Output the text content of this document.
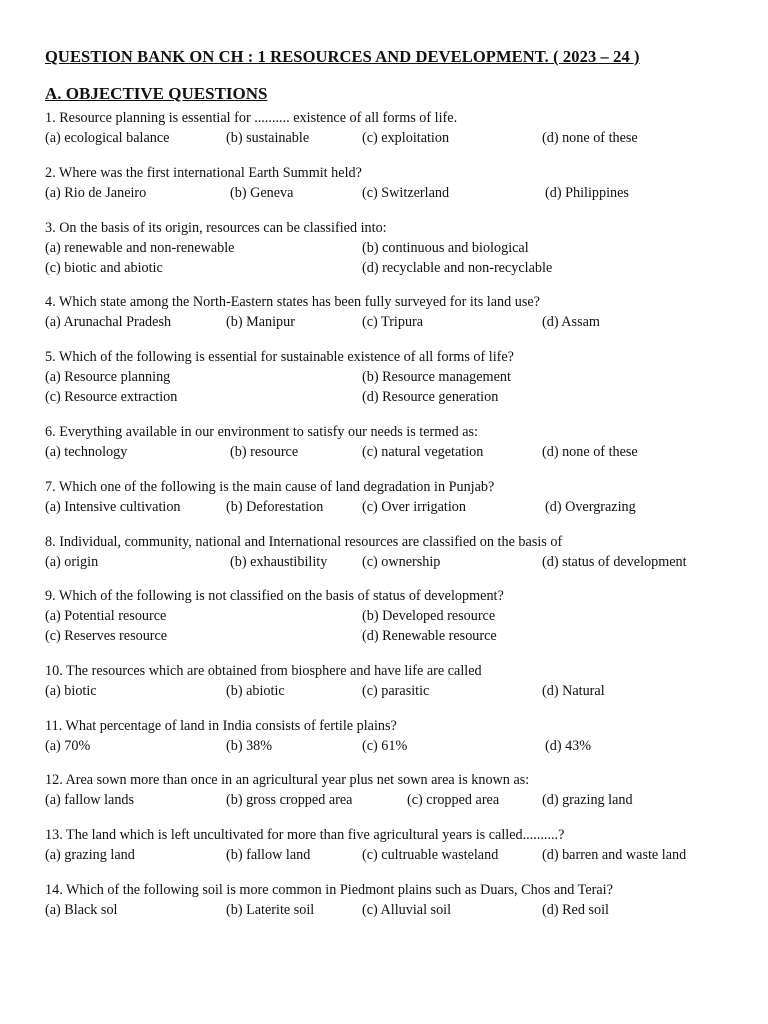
QUESTION BANK ON CH : 1 RESOURCES AND DEVELOPMENT. ( 2023 – 24 )
A. OBJECTIVE QUESTIONS
1. Resource planning is essential for .......... existence of all forms of life.
(a) ecological balance	(b) sustainable	(c) exploitation	(d) none of these
2. Where was the first international Earth Summit held?
(a) Rio de Janeiro	(b) Geneva	(c) Switzerland	(d) Philippines
3. On the basis of its origin, resources can be classified into:
(a) renewable and non-renewable	(b) continuous and biological
(c) biotic and abiotic	(d) recyclable and non-recyclable
4. Which state among the North-Eastern states has been fully surveyed for its land use?
(a) Arunachal Pradesh	(b) Manipur	(c) Tripura	(d) Assam
5. Which of the following is essential for sustainable existence of all forms of life?
(a) Resource planning	(b) Resource management
(c) Resource extraction	(d) Resource generation
6. Everything available in our environment to satisfy our needs is termed as:
(a) technology	(b) resource	(c) natural vegetation	(d) none of these
7. Which one of the following is the main cause of land degradation in Punjab?
(a) Intensive cultivation	(b) Deforestation	(c) Over irrigation	(d) Overgrazing
8. Individual, community, national and International resources are classified on the basis of
(a) origin	(b) exhaustibility (c) ownership	(d) status of development
9. Which of the following is not classified on the basis of status of development?
(a) Potential resource	(b) Developed resource
(c) Reserves resource	(d) Renewable resource
10. The resources which are obtained from biosphere and have life are called
(a) biotic	(b) abiotic	(c) parasitic	(d) Natural
11. What percentage of land in India consists of fertile plains?
(a) 70%	(b) 38%	(c) 61%	(d) 43%
12. Area sown more than once in an agricultural year plus net sown area is known as:
(a) fallow lands	(b) gross cropped area	(c) cropped area	(d) grazing land
13. The land which is left uncultivated for more than five agricultural years is called..........?
(a) grazing land	(b) fallow land	(c) cultruable wasteland	(d) barren and waste land
14. Which of the following soil is more common in Piedmont plains such as Duars, Chos and Terai?
(a) Black sol	(b) Laterite soil	(c) Alluvial soil	(d) Red soil
